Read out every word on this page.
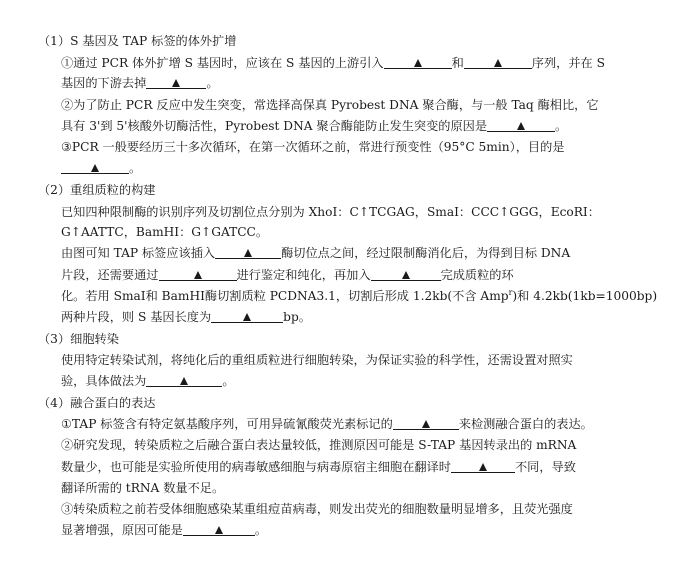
（1）S 基因及 TAP 标签的体外扩增
①通过 PCR 体外扩增 S 基因时，应该在 S 基因的上游引入	和	序列，并在 S
基因的下游去掉	。
②为了防止 PCR 反应中发生突变，常选择高保真 Pyrobest DNA 聚合酶，与一般 Taq 酶相比，它
具有 3'到 5'核酸外切酶活性，Pyrobest DNA 聚合酶能防止发生突变的原因是	。
③PCR 一般要经历三十多次循环，在第一次循环之前，常进行预变性（95°C 5min），目的是
。
（2）重组质粒的构建
已知四种限制酶的识别序列及切割位点分别为 XhoI：C↑TCGAG，SmaI：CCC↑GGG，EcoRI：
G↑AATTC，BamHI：G↑GATCC。
由图可知 TAP 标签应该插入	酶切位点之间，经过限制酶消化后，为得到目标 DNA
片段，还需要通过	进行鉴定和纯化，再加入	完成质粒的环
化。若用 SmaI和 BamHI酶切割质粒 PCDNA3.1，切割后形成 1.2kb(不含 Amp$^r$)和 4.2kb(1kb=1000bp)
两种片段，则 S 基因长度为	bp。
（3）细胞转染
使用特定转染试剂，将纯化后的重组质粒进行细胞转染，为保证实验的科学性，还需设置对照实
验，具体做法为	。
（4）融合蛋白的表达
①TAP 标签含有特定氨基酸序列，可用异硫氰酸荧光素标记的	来检测融合蛋白的表达。
②研究发现，转染质粒之后融合蛋白表达量较低，推测原因可能是 S-TAP 基因转录出的 mRNA
数量少，也可能是实验所使用的病毒敏感细胞与病毒原宿主细胞在翻译时	不同，导致
翻译所需的 tRNA 数量不足。
③转染质粒之前若受体细胞感染某重组痘苗病毒，则发出荧光的细胞数量明显增多，且荧光强度
显著增强，原因可能是	。
